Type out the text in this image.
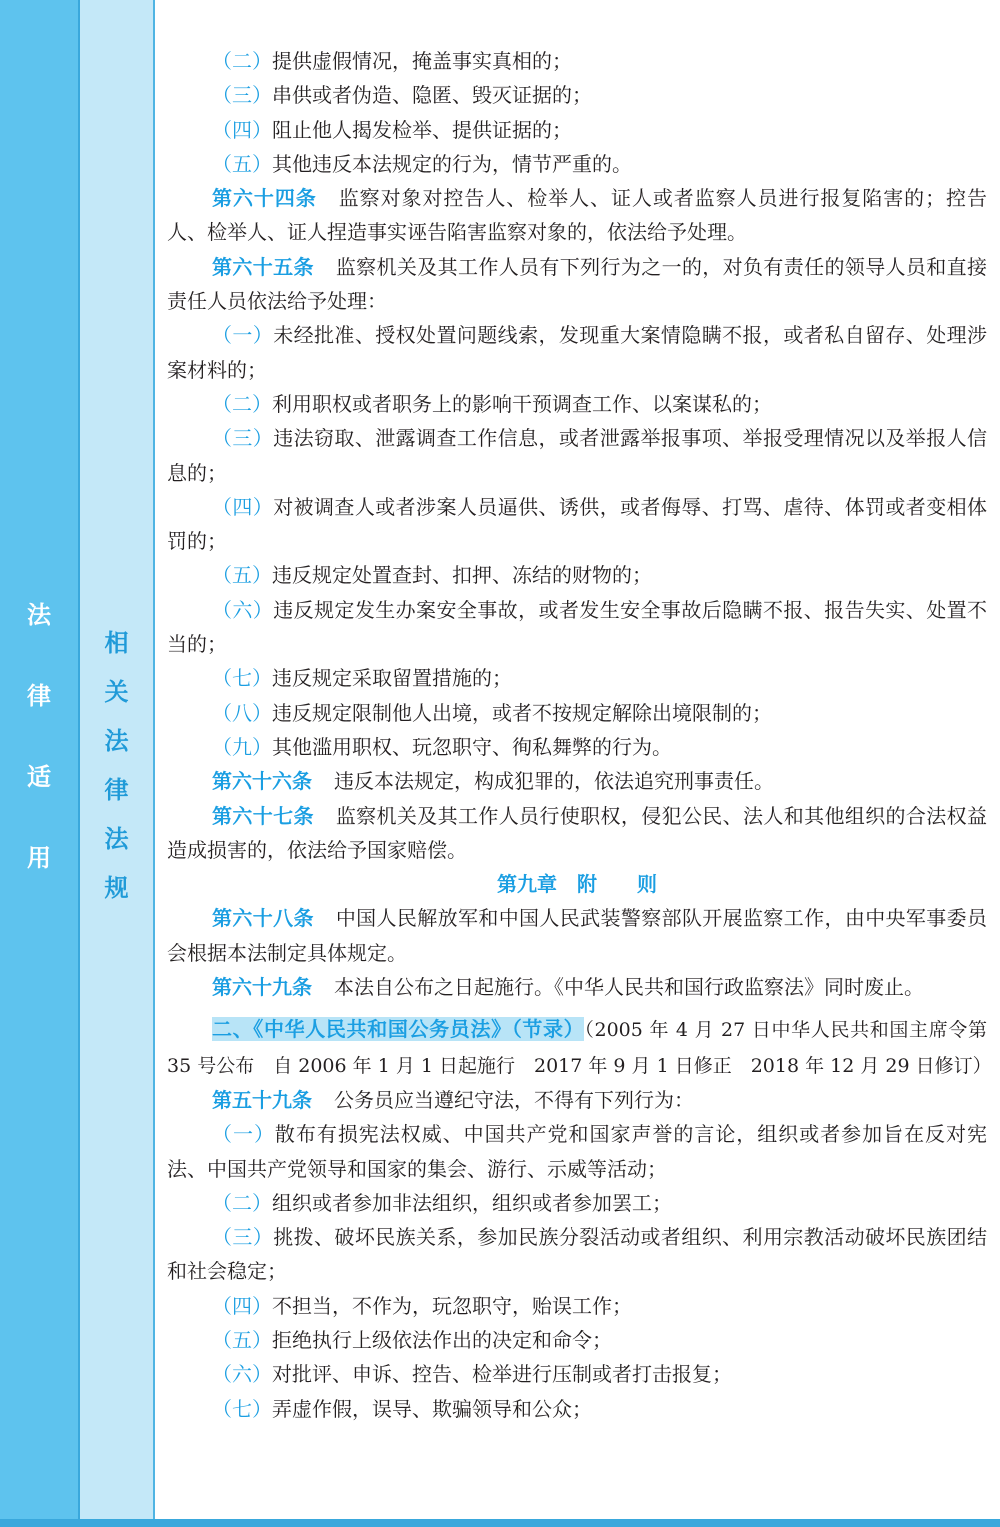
法
律
适
用
相
关
法
律
法
规

（二）提供虚假情况，掩盖事实真相的；

（三）串供或者伪造、隐匿、毁灭证据的；

（四）阻止他人揭发检举、提供证据的；

（五）其他违反本法规定的行为，情节严重的。

第六十四条 监察对象对控告人、检举人、证人或者监察人员进行报复陷害的；控告人、检举人、证人捏造事实诬告陷害监察对象的，依法给予处理。

第六十五条 监察机关及其工作人员有下列行为之一的，对负有责任的领导人员和直接责任人员依法给予处理：

（一）未经批准、授权处置问题线索，发现重大案情隐瞒不报，或者私自留存、处理涉案材料的；

（二）利用职权或者职务上的影响干预调查工作、以案谋私的；

（三）违法窃取、泄露调查工作信息，或者泄露举报事项、举报受理情况以及举报人信息的；

（四）对被调查人或者涉案人员逼供、诱供，或者侮辱、打骂、虐待、体罚或者变相体罚的；

（五）违反规定处置查封、扣押、冻结的财物的；

（六）违反规定发生办案安全事故，或者发生安全事故后隐瞒不报、报告失实、处置不当的；

（七）违反规定采取留置措施的；

（八）违反规定限制他人出境，或者不按规定解除出境限制的；

（九）其他滥用职权、玩忽职守、徇私舞弊的行为。

第六十六条 违反本法规定，构成犯罪的，依法追究刑事责任。

第六十七条 监察机关及其工作人员行使职权，侵犯公民、法人和其他组织的合法权益造成损害的，依法给予国家赔偿。

第九章　附　　则

第六十八条 中国人民解放军和中国人民武装警察部队开展监察工作，由中央军事委员会根据本法制定具体规定。

第六十九条 本法自公布之日起施行。《中华人民共和国行政监察法》同时废止。

二、《中华人民共和国公务员法》（节录）（2005 年 4 月 27 日中华人民共和国主席令第 35 号公布　自 2006 年 1 月 1 日起施行　2017 年 9 月 1 日修正　2018 年 12 月 29 日修订）

第五十九条 公务员应当遵纪守法，不得有下列行为：

（一）散布有损宪法权威、中国共产党和国家声誉的言论，组织或者参加旨在反对宪法、中国共产党领导和国家的集会、游行、示威等活动；

（二）组织或者参加非法组织，组织或者参加罢工；

（三）挑拨、破坏民族关系，参加民族分裂活动或者组织、利用宗教活动破坏民族团结和社会稳定；

（四）不担当，不作为，玩忽职守，贻误工作；

（五）拒绝执行上级依法作出的决定和命令；

（六）对批评、申诉、控告、检举进行压制或者打击报复；

（七）弄虚作假，误导、欺骗领导和公众；
